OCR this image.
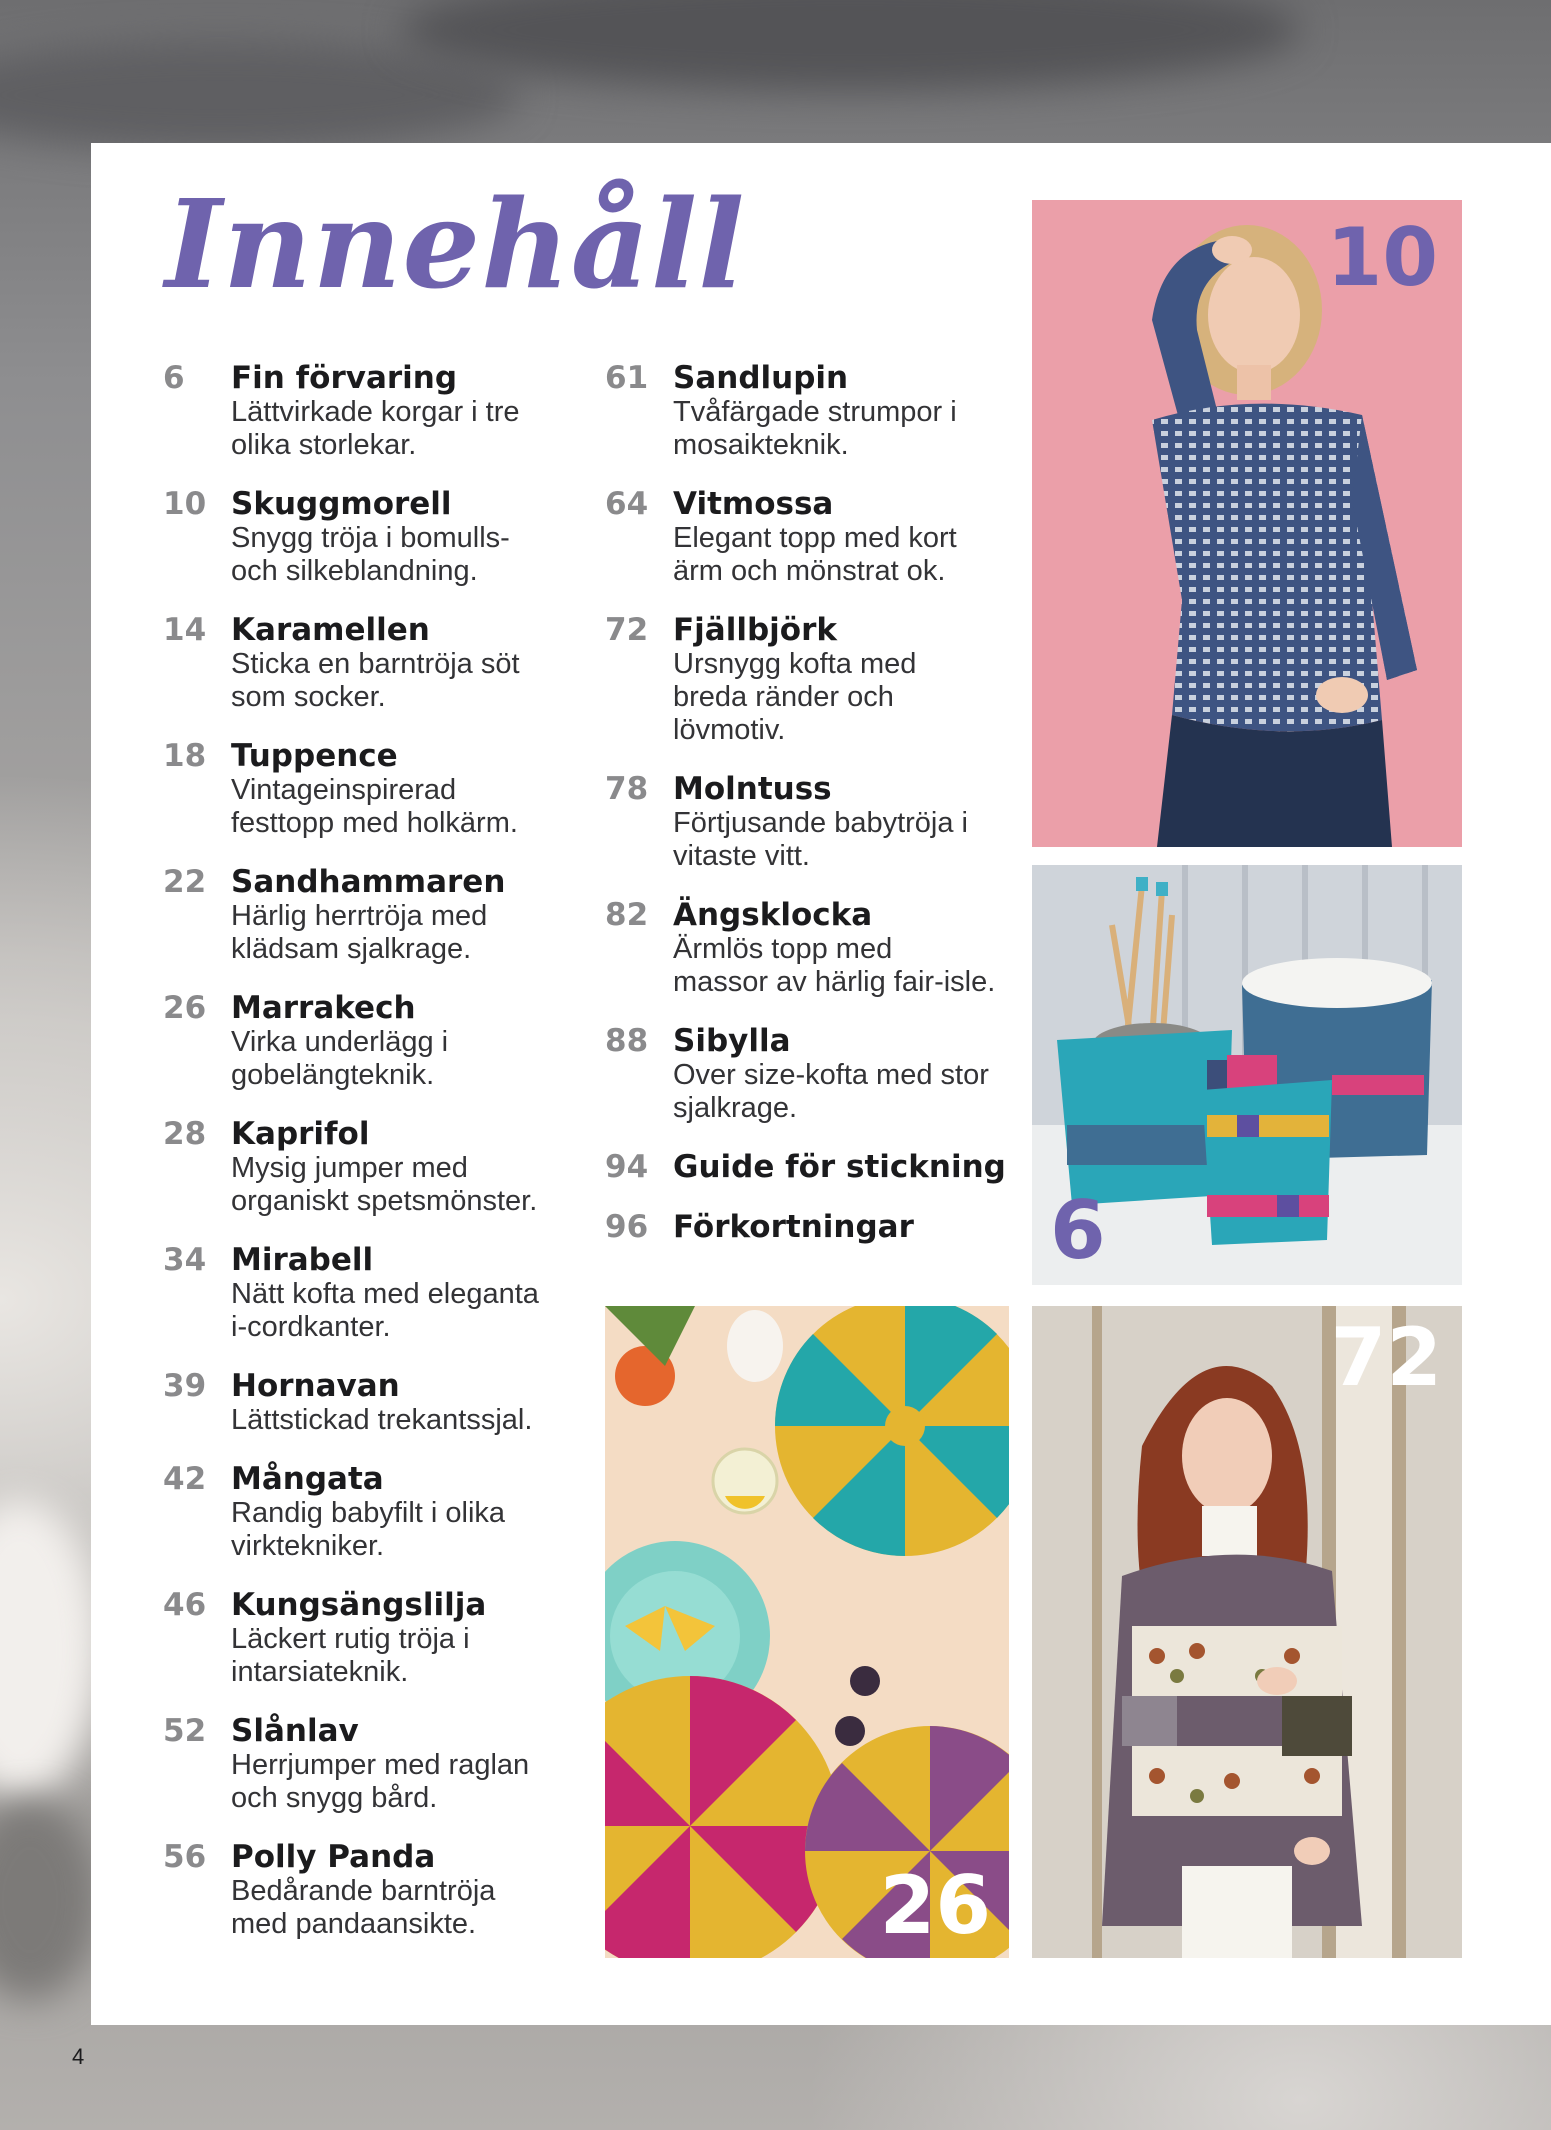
Innehåll
6	Fin förvaring
Lättvirkade korgar i tre
olika storlekar.
10 Skuggmorell
Snygg tröja i bomulls-
och silkeblandning.
14 Karamellen
Sticka en barntröja söt
som socker.
18 Tuppence
Vintageinspirerad
festtopp med holkärm.
22 Sandhammaren
Härlig herrtröja med
klädsam sjalkrage.
26 Marrakech
Virka underlägg i
gobelängteknik.
28 Kaprifol
Mysig jumper med
organiskt spetsmönster.
34 Mirabell
Nätt kofta med eleganta
i-cordkanter.
39 Hornavan
Lättstickad trekantssjal.
42 Mångata
Randig babyfilt i olika
virktekniker.
46 Kungsängslilja
Läckert rutig tröja i
intarsiateknik.
52 Slånlav
Herrjumper med raglan
och snygg bård.
56 Polly Panda
Bedårande barntröja
med pandaansikte.
61 Sandlupin
Tvåfärgade strumpor i
mosaikteknik.
64 Vitmossa
Elegant topp med kort
ärm och mönstrat ok.
72 Fjällbjörk
Ursnygg kofta med
breda ränder och
lövmotiv.
78 Molntuss
Förtjusande babytröja i
vitaste vitt.
82 Ängsklocka
Ärmlös topp med
massor av härlig fair-isle.
88 Sibylla
Over size-kofta med stor
sjalkrage.
94 Guide för stickning
96 Förkortningar
10
6
26
72
4
